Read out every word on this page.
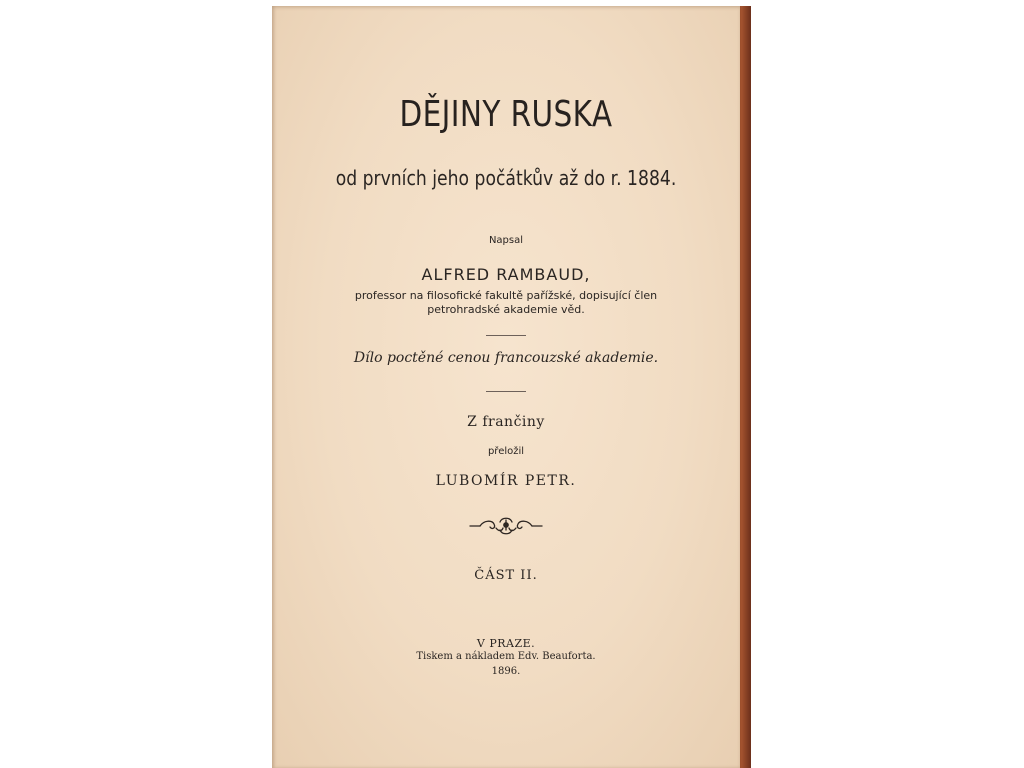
DĚJINY RUSKA
od prvních jeho počátkův až do r. 1884.
Napsal
ALFRED RAMBAUD,
professor na filosofické fakultě pařížské, dopisující člen
petrohradské akademie věd.
Dílo poctěné cenou francouzské akademie.
Z frančiny
přeložil
LUBOMÍR PETR.
ČÁST II.
V PRAZE.
Tiskem a nákladem Edv. Beauforta.
1896.
